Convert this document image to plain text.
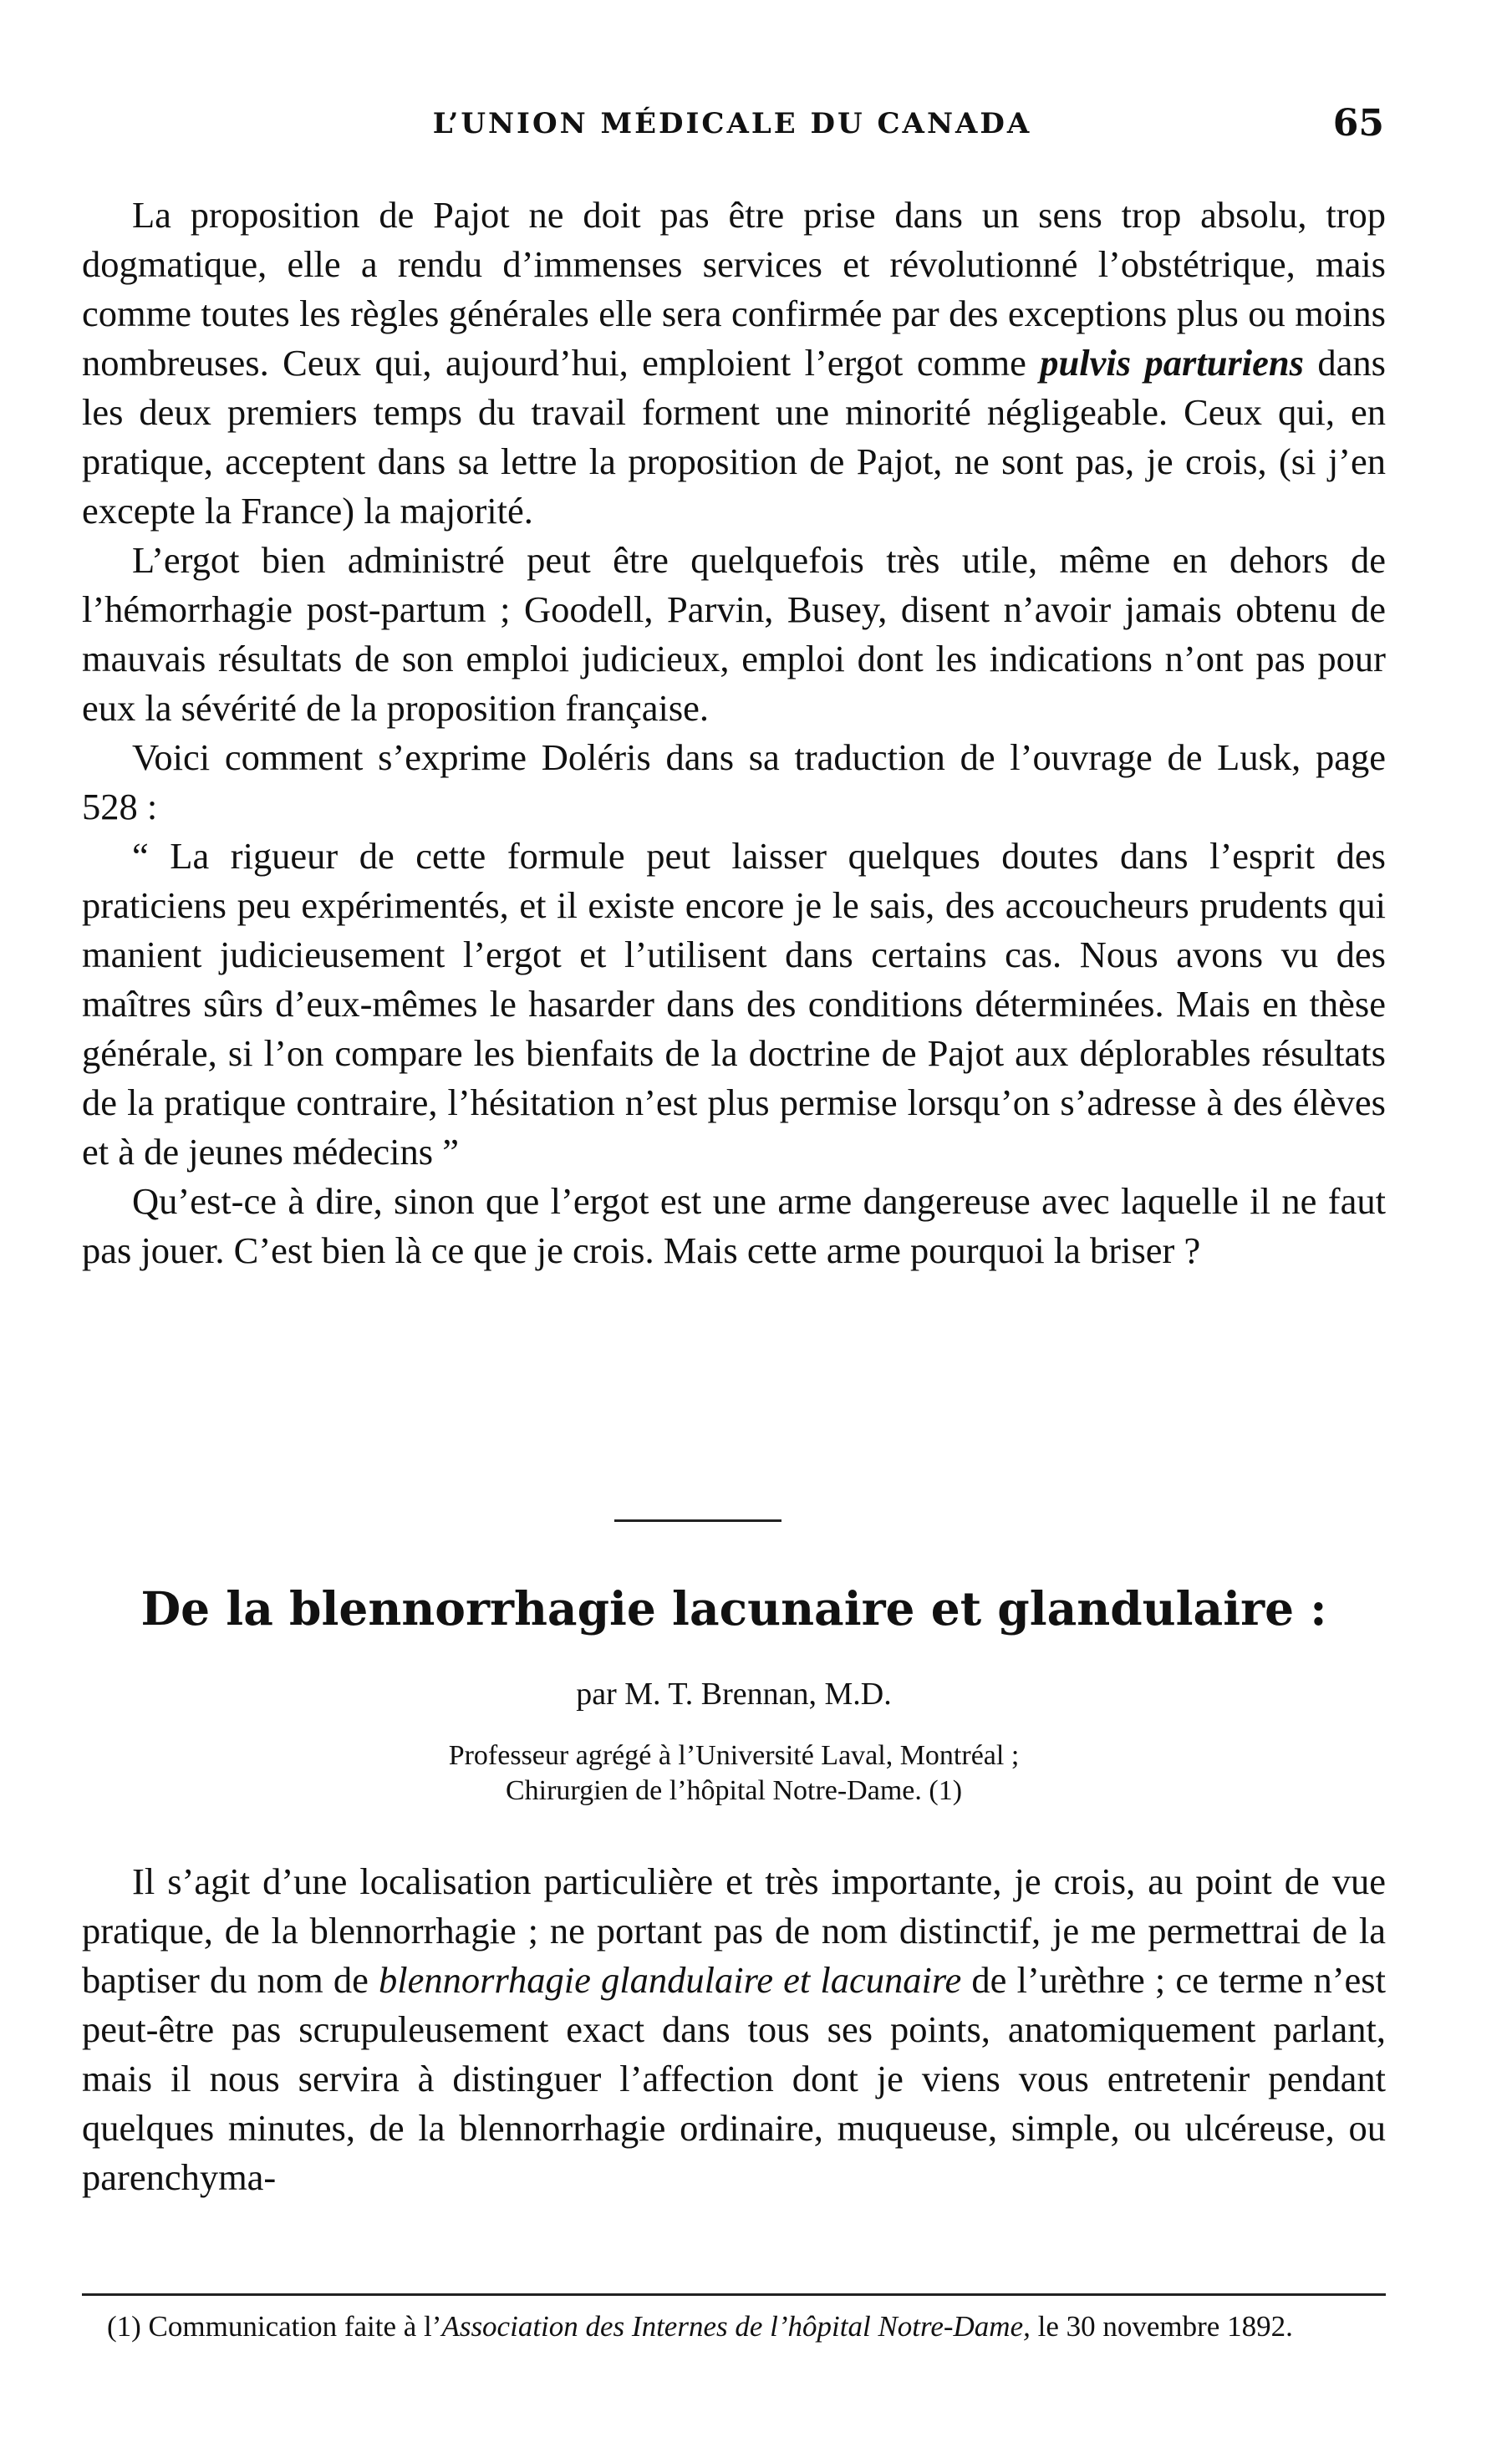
L’UNION MÉDICALE DU CANADA	65

La proposition de Pajot ne doit pas être prise dans un sens trop absolu, trop dogmatique, elle a rendu d’immenses services et révolutionné l’obstétrique, mais comme toutes les règles générales elle sera confirmée par des exceptions plus ou moins nombreuses. Ceux qui, aujourd’hui, emploient l’ergot comme pulvis parturiens dans les deux premiers temps du travail forment une minorité négligeable. Ceux qui, en pratique, acceptent dans sa lettre la proposition de Pajot, ne sont pas, je crois, (si j’en excepte la France) la majorité.

L’ergot bien administré peut être quelquefois très utile, même en dehors de l’hémorrhagie post-partum ; Goodell, Parvin, Busey, disent n’avoir jamais obtenu de mauvais résultats de son emploi judicieux, emploi dont les indications n’ont pas pour eux la sévérité de la proposition française.

Voici comment s’exprime Doléris dans sa traduction de l’ouvrage de Lusk, page 528 :

“ La rigueur de cette formule peut laisser quelques doutes dans l’esprit des praticiens peu expérimentés, et il existe encore je le sais, des accoucheurs prudents qui manient judicieusement l’ergot et l’utilisent dans certains cas. Nous avons vu des maîtres sûrs d’eux-mêmes le hasarder dans des conditions déterminées. Mais en thèse générale, si l’on compare les bienfaits de la doctrine de Pajot aux déplorables résultats de la pratique contraire, l’hésitation n’est plus permise lorsqu’on s’adresse à des élèves et à de jeunes médecins ”

Qu’est-ce à dire, sinon que l’ergot est une arme dangereuse avec laquelle il ne faut pas jouer. C’est bien là ce que je crois. Mais cette arme pourquoi la briser ?

De la blennorrhagie lacunaire et glandulaire :
par M. T. Brennan, M.D.
Professeur agrégé à l’Université Laval, Montréal ;
Chirurgien de l’hôpital Notre-Dame. (1)

Il s’agit d’une localisation particulière et très importante, je crois, au point de vue pratique, de la blennorrhagie ; ne portant pas de nom distinctif, je me permettrai de la baptiser du nom de blennorrhagie glandulaire et lacunaire de l’urèthre ; ce terme n’est peut-être pas scrupuleusement exact dans tous ses points, anatomiquement parlant, mais il nous servira à distinguer l’affection dont je viens vous entretenir pendant quelques minutes, de la blennorrhagie ordinaire, muqueuse, simple, ou ulcéreuse, ou parenchyma-

(1) Communication faite à l’Association des Internes de l’hôpital Notre-Dame, le 30 novembre 1892.
